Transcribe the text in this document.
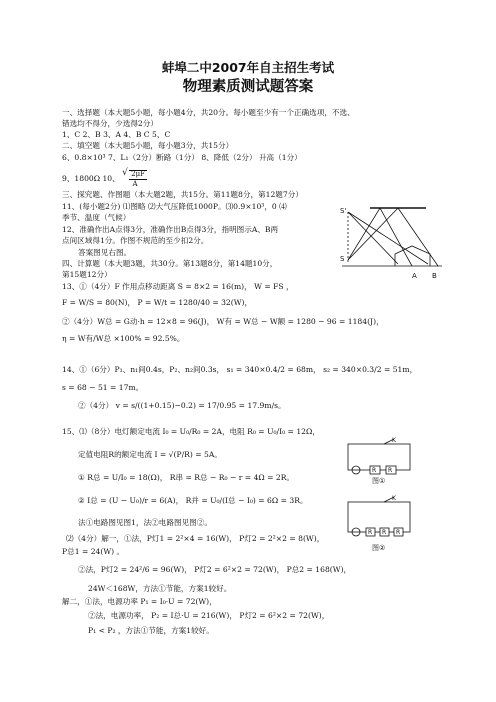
蚌埠二中2007年自主招生考试
物理素质测试题答案
一、选择题（本大题5小题，每小题4分，共20分。每小题至少有一个正确选项，不选、
错选均不得分，少选得2分）
1、C 2、B 3、A 4、B C 5、C
二、填空题（本大题5小题，每小题3分，共15分）
6、0.8×10³ 7、L₁（2分）断路（1分） 8、降低（2分） 升高（1分）
9、1800Ω 10、
√ $\frac{2\mu F}{A}$
三、探究题、作图题（本大题2题，共15分。第11题8分，第12题7分）
11、(每小题2分) ⑴图略 ⑵大气压降低1000P。⑶0.9×10³，0 ⑷
季节、温度（气候）
12、准确作出A点得3分，准确作出B点得3分，指明图示A、B两
点间区域得1分。作图不规范的至少扣2分。
答案图见右图。
四、计算题（本大题3题，共30分。第13题8分，第14题10分，
第15题12分）
13、①（4分）F 作用点移动距离 S = 8×2 = 16(m)， W = FS ，
F = W/S = 80(N)， P = W/t = 1280/40 = 32(W)，
②（4分）W总 = G动·h = 12×8 = 96(J)， W有 = W总 − W额 = 1280 − 96 = 1184(J)，
η = W有/W总 ×100% = 92.5%。
14、①（6分）P₁、n₁间0.4s，P₂、n₂间0.3s， s₁ = 340×0.4/2 = 68m， s₂ = 340×0.3/2 = 51m，
s = 68 − 51 = 17m。
②（4分） v = s/((1+0.15)−0.2) = 17/0.95 = 17.9m/s。
15、⑴（8分）电灯额定电流 I₀ = U₀/R₀ = 2A，电阻 R₀ = U₀/I₀ = 12Ω，
定值电阻R的额定电流 I = √(P/R) = 5A。
① R总 = U/I₀ = 18(Ω)， R串 = R总 − R₀ − r = 4Ω = 2R。
② I总 = (U − U₀)/r = 6(A)， R并 = U₀/(I总 − I₀) = 6Ω = 3R。
法①电路图见图1，法②电路图见图②。
⑵（4分）解一，①法，P灯1 = 2²×4 = 16(W)， P灯2 = 2²×2 = 8(W)，
P总1 = 24(W) 。
②法，P灯2 = 24²/6 = 96(W)， P灯2 = 6²×2 = 72(W)， P总2 = 168(W)，
24W＜168W，方法①节能，方案1较好。
解二，①法，电源功率 P₁ = I₀·U = 72(W)，
②法，电源功率， P₂ = I总·U = 216(W)， P灯2 = 6²×2 = 72(W)，
P₁ < P₂ ，方法①节能，方案1较好。
S'
S
A B
K
R R
图①
K
R R R
图②
